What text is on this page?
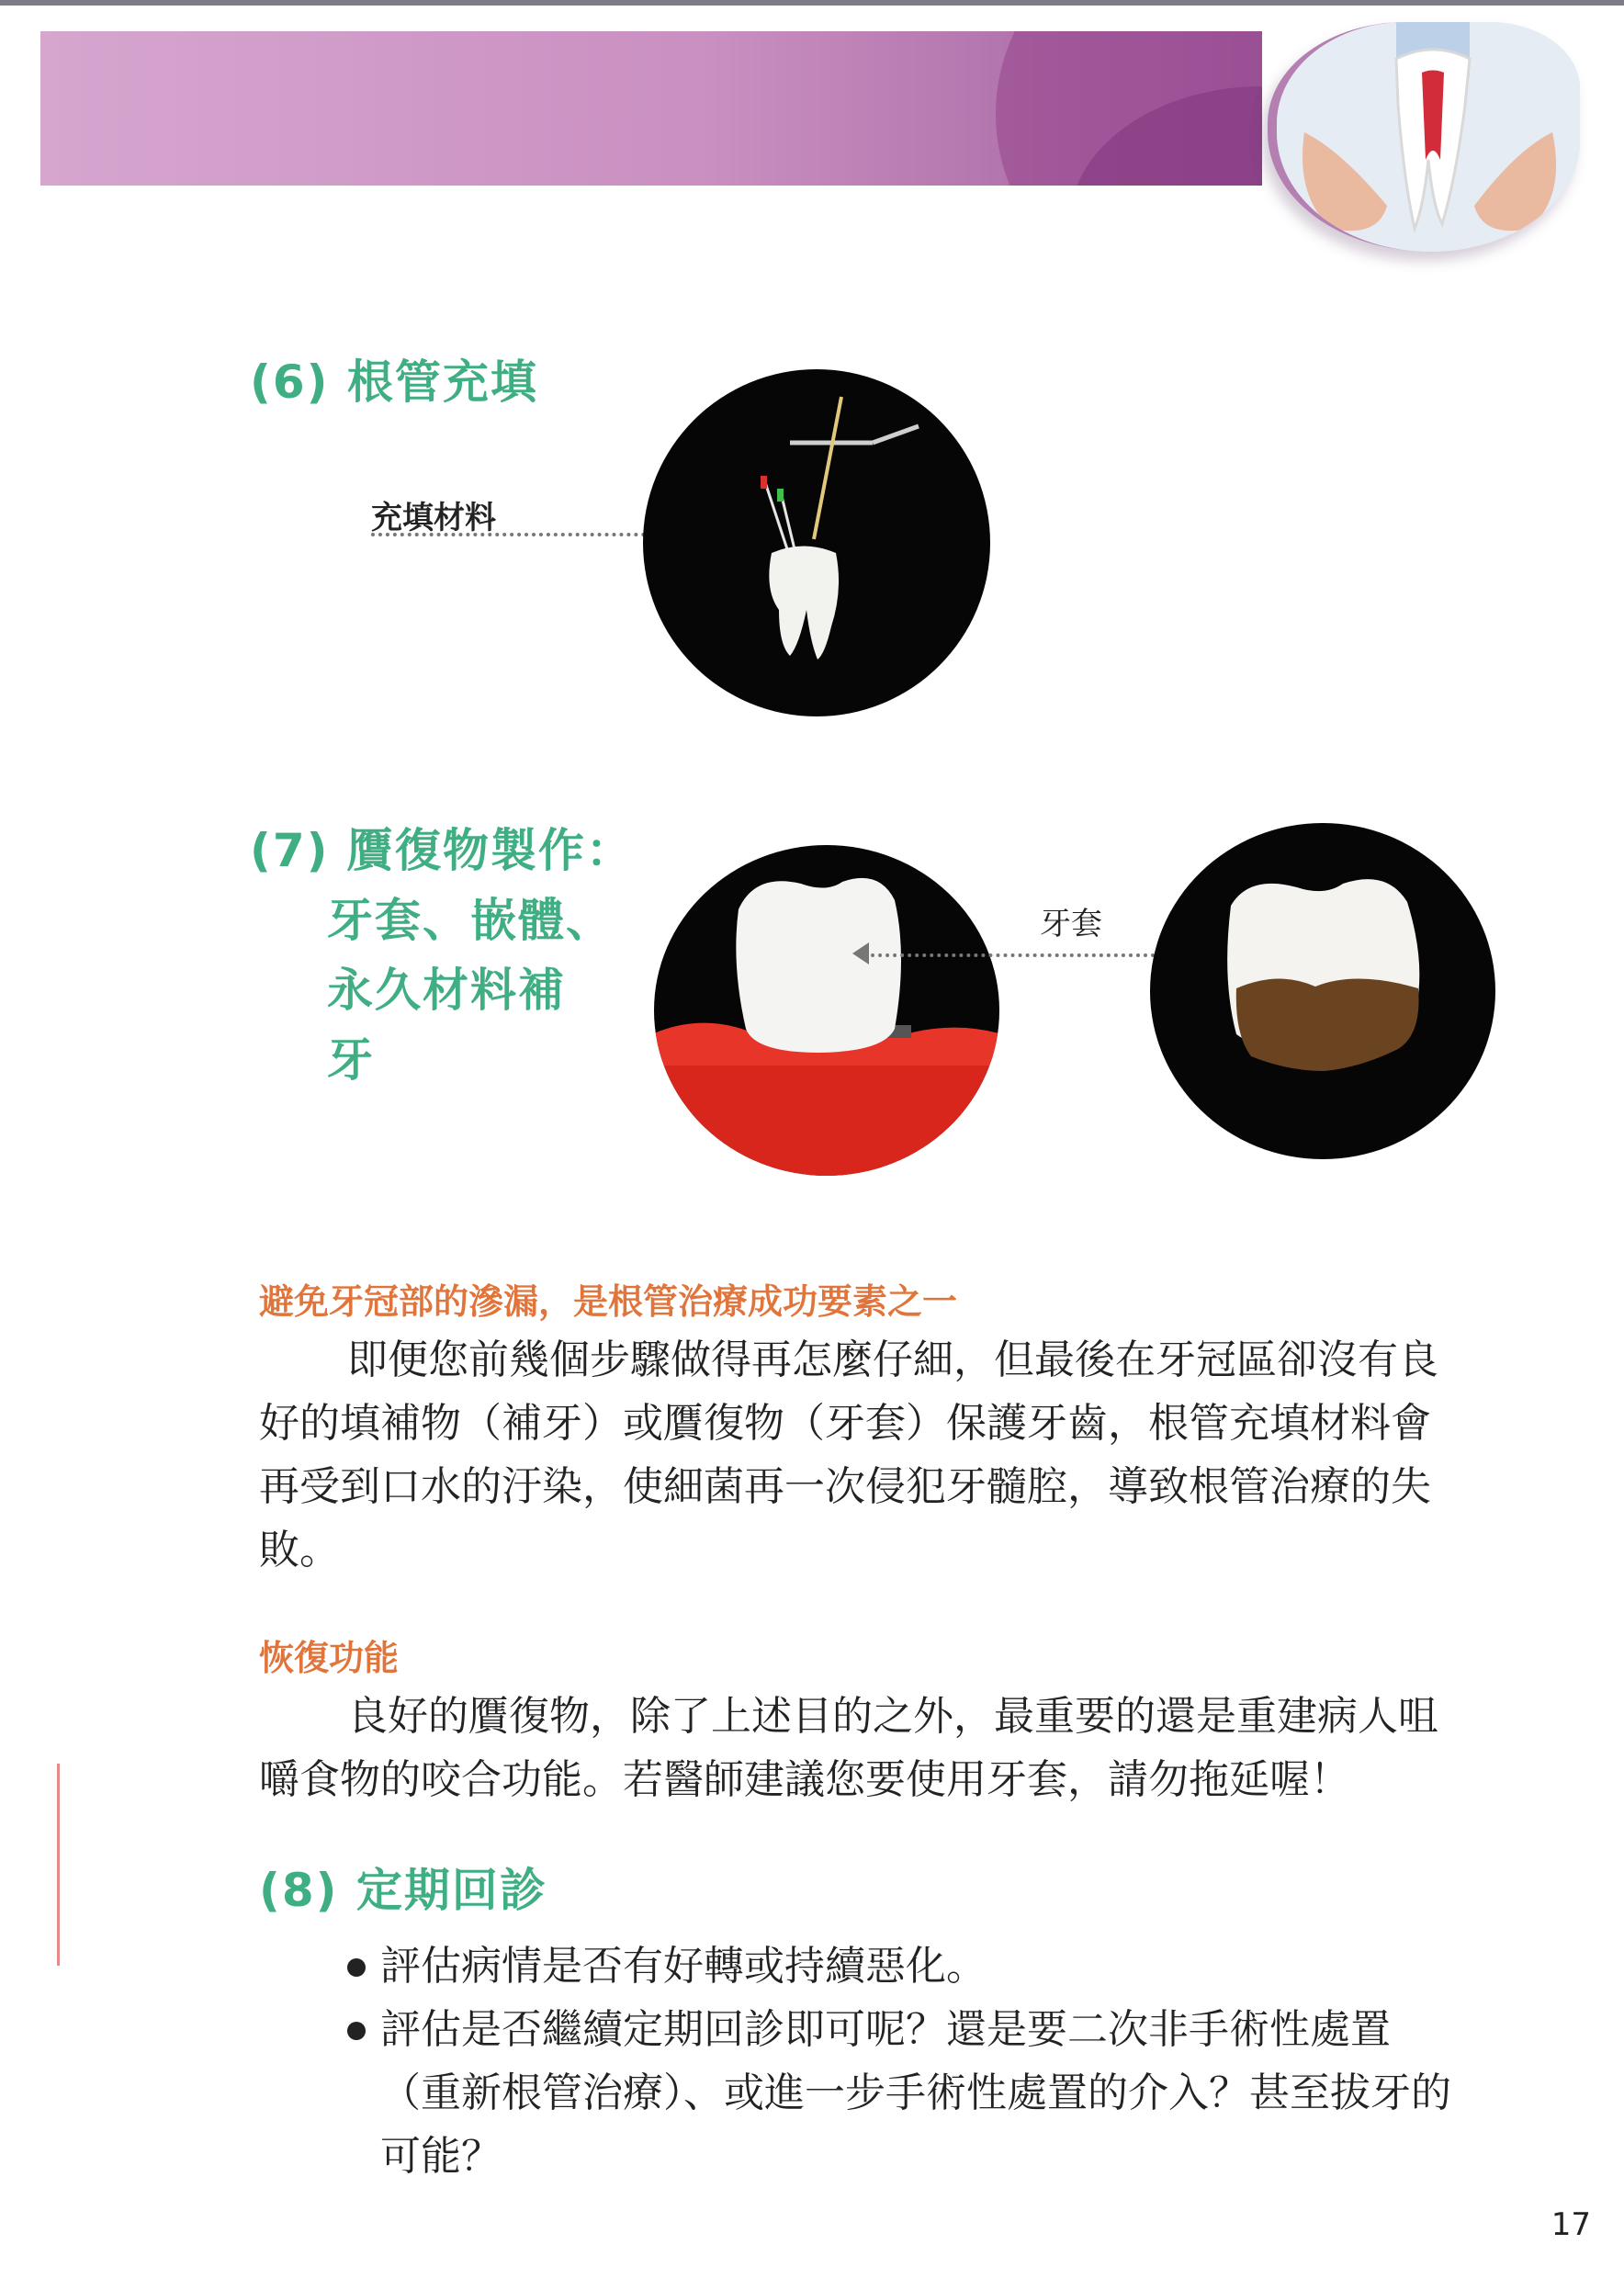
(6) 根管充填

充填材料

(7) 贋復物製作：
牙套、嵌體、
永久材料補
牙

牙套

避免牙冠部的滲漏，是根管治療成功要素之一

即便您前幾個步驟做得再怎麼仔細，但最後在牙冠區卻沒有良好的填補物（補牙）或贋復物（牙套）保護牙齒，根管充填材料會再受到口水的汙染，使細菌再一次侵犯牙髓腔，導致根管治療的失敗。

恢復功能

良好的贋復物，除了上述目的之外，最重要的還是重建病人咀嚼食物的咬合功能。若醫師建議您要使用牙套，請勿拖延喔！

(8) 定期回診
評估病情是否有好轉或持續惡化。
評估是否繼續定期回診即可呢？還是要二次非手術性處置（重新根管治療）、或進一步手術性處置的介入？甚至拔牙的可能？

17
